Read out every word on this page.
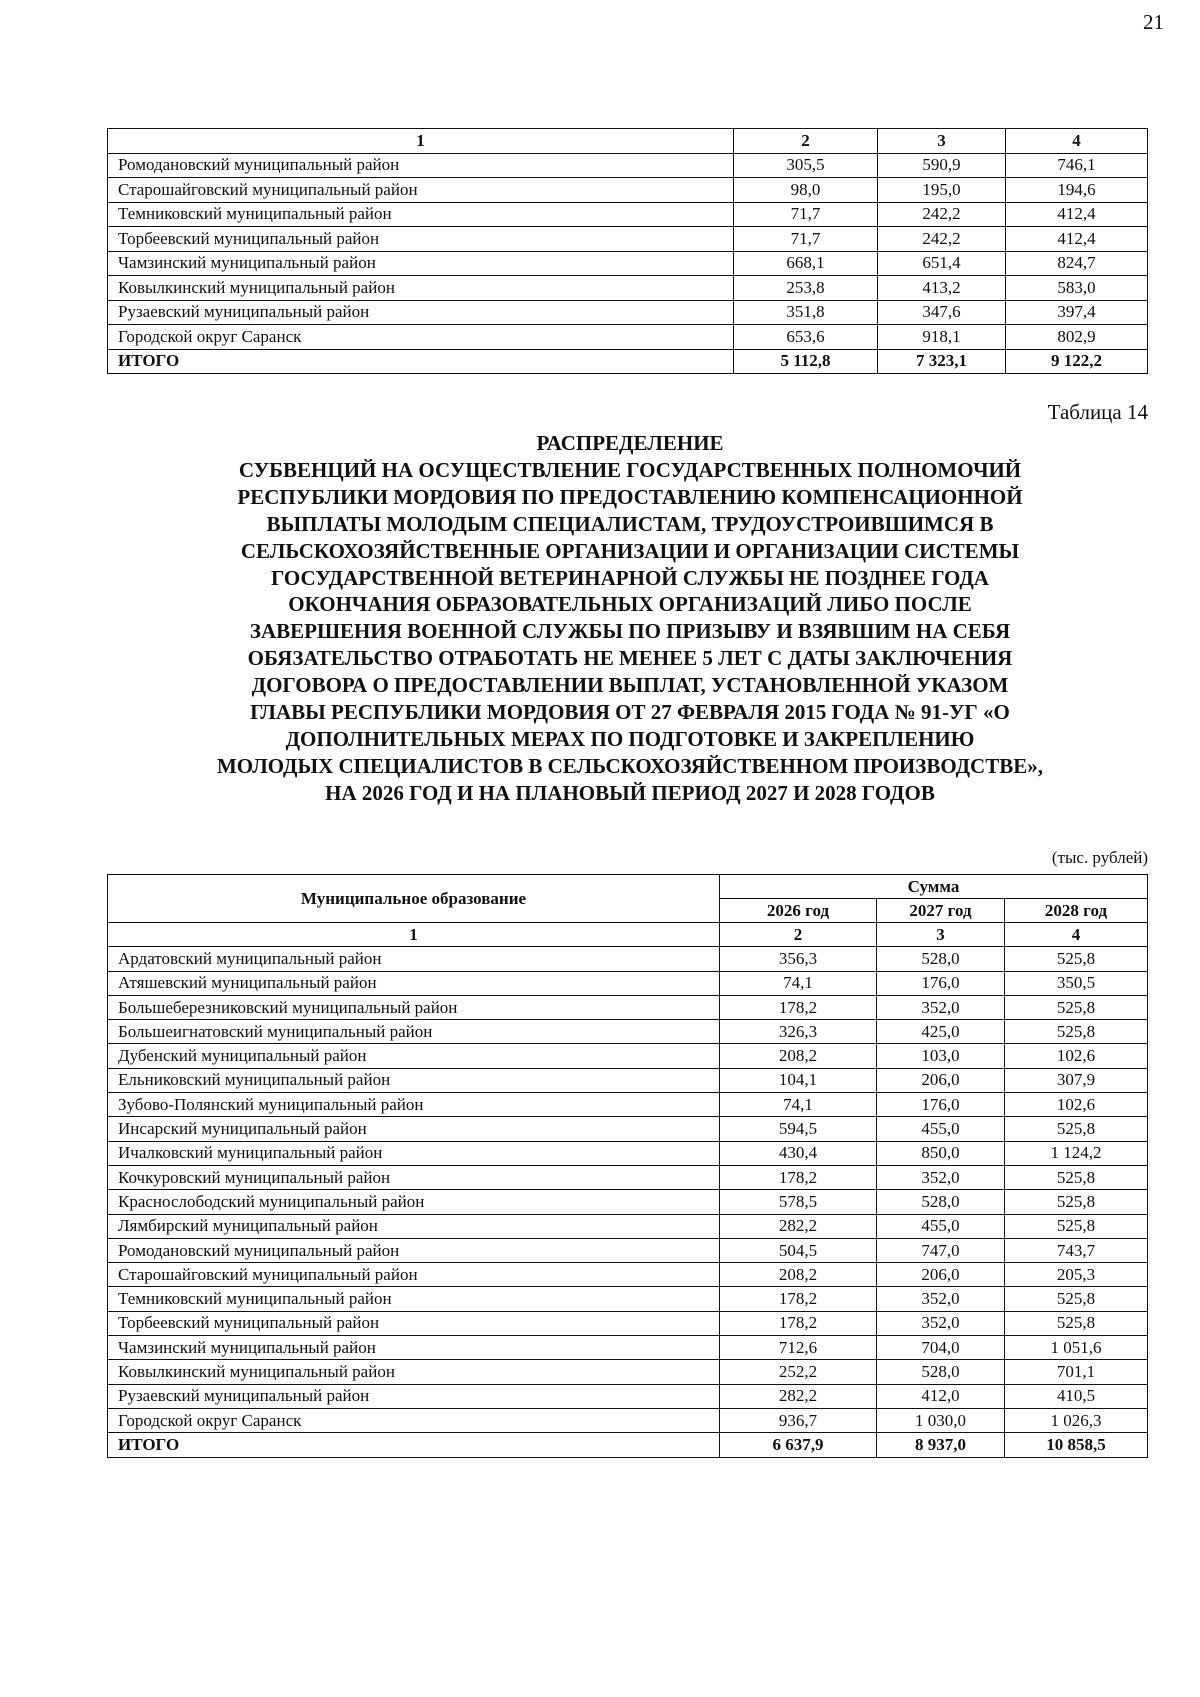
21
1	2	3	4
Ромодановский муниципальный район	305,5	590,9	746,1
Старошайговский муниципальный район	98,0	195,0	194,6
Темниковский муниципальный район	71,7	242,2	412,4
Торбеевский муниципальный район	71,7	242,2	412,4
Чамзинский муниципальный район	668,1	651,4	824,7
Ковылкинский муниципальный район	253,8	413,2	583,0
Рузаевский муниципальный район	351,8	347,6	397,4
Городской округ Саранск	653,6	918,1	802,9
ИТОГО	5 112,8	7 323,1	9 122,2
Таблица 14
РАСПРЕДЕЛЕНИЕ
СУБВЕНЦИЙ НА ОСУЩЕСТВЛЕНИЕ ГОСУДАРСТВЕННЫХ ПОЛНОМОЧИЙ
РЕСПУБЛИКИ МОРДОВИЯ ПО ПРЕДОСТАВЛЕНИЮ КОМПЕНСАЦИОННОЙ
ВЫПЛАТЫ МОЛОДЫМ СПЕЦИАЛИСТАМ, ТРУДОУСТРОИВШИМСЯ В
СЕЛЬСКОХОЗЯЙСТВЕННЫЕ ОРГАНИЗАЦИИ И ОРГАНИЗАЦИИ СИСТЕМЫ
ГОСУДАРСТВЕННОЙ ВЕТЕРИНАРНОЙ СЛУЖБЫ НЕ ПОЗДНЕЕ ГОДА
ОКОНЧАНИЯ ОБРАЗОВАТЕЛЬНЫХ ОРГАНИЗАЦИЙ ЛИБО ПОСЛЕ
ЗАВЕРШЕНИЯ ВОЕННОЙ СЛУЖБЫ ПО ПРИЗЫВУ И ВЗЯВШИМ НА СЕБЯ
ОБЯЗАТЕЛЬСТВО ОТРАБОТАТЬ НЕ МЕНЕЕ 5 ЛЕТ С ДАТЫ ЗАКЛЮЧЕНИЯ
ДОГОВОРА О ПРЕДОСТАВЛЕНИИ ВЫПЛАТ, УСТАНОВЛЕННОЙ УКАЗОМ
ГЛАВЫ РЕСПУБЛИКИ МОРДОВИЯ ОТ 27 ФЕВРАЛЯ 2015 ГОДА № 91-УГ «О
ДОПОЛНИТЕЛЬНЫХ МЕРАХ ПО ПОДГОТОВКЕ И ЗАКРЕПЛЕНИЮ
МОЛОДЫХ СПЕЦИАЛИСТОВ В СЕЛЬСКОХОЗЯЙСТВЕННОМ ПРОИЗВОДСТВЕ»,
НА 2026 ГОД И НА ПЛАНОВЫЙ ПЕРИОД 2027 И 2028 ГОДОВ
(тыс. рублей)
Муниципальное образование	Сумма		
	2026 год	2027 год	2028 год
1	2	3	4
Ардатовский муниципальный район	356,3	528,0	525,8
Атяшевский муниципальный район	74,1	176,0	350,5
Большеберезниковский муниципальный район	178,2	352,0	525,8
Большеигнатовский муниципальный район	326,3	425,0	525,8
Дубенский муниципальный район	208,2	103,0	102,6
Ельниковский муниципальный район	104,1	206,0	307,9
Зубово-Полянский муниципальный район	74,1	176,0	102,6
Инсарский муниципальный район	594,5	455,0	525,8
Ичалковский муниципальный район	430,4	850,0	1 124,2
Кочкуровский муниципальный район	178,2	352,0	525,8
Краснослободский муниципальный район	578,5	528,0	525,8
Лямбирский муниципальный район	282,2	455,0	525,8
Ромодановский муниципальный район	504,5	747,0	743,7
Старошайговский муниципальный район	208,2	206,0	205,3
Темниковский муниципальный район	178,2	352,0	525,8
Торбеевский муниципальный район	178,2	352,0	525,8
Чамзинский муниципальный район	712,6	704,0	1 051,6
Ковылкинский муниципальный район	252,2	528,0	701,1
Рузаевский муниципальный район	282,2	412,0	410,5
Городской округ Саранск	936,7	1 030,0	1 026,3
ИТОГО	6 637,9	8 937,0	10 858,5
